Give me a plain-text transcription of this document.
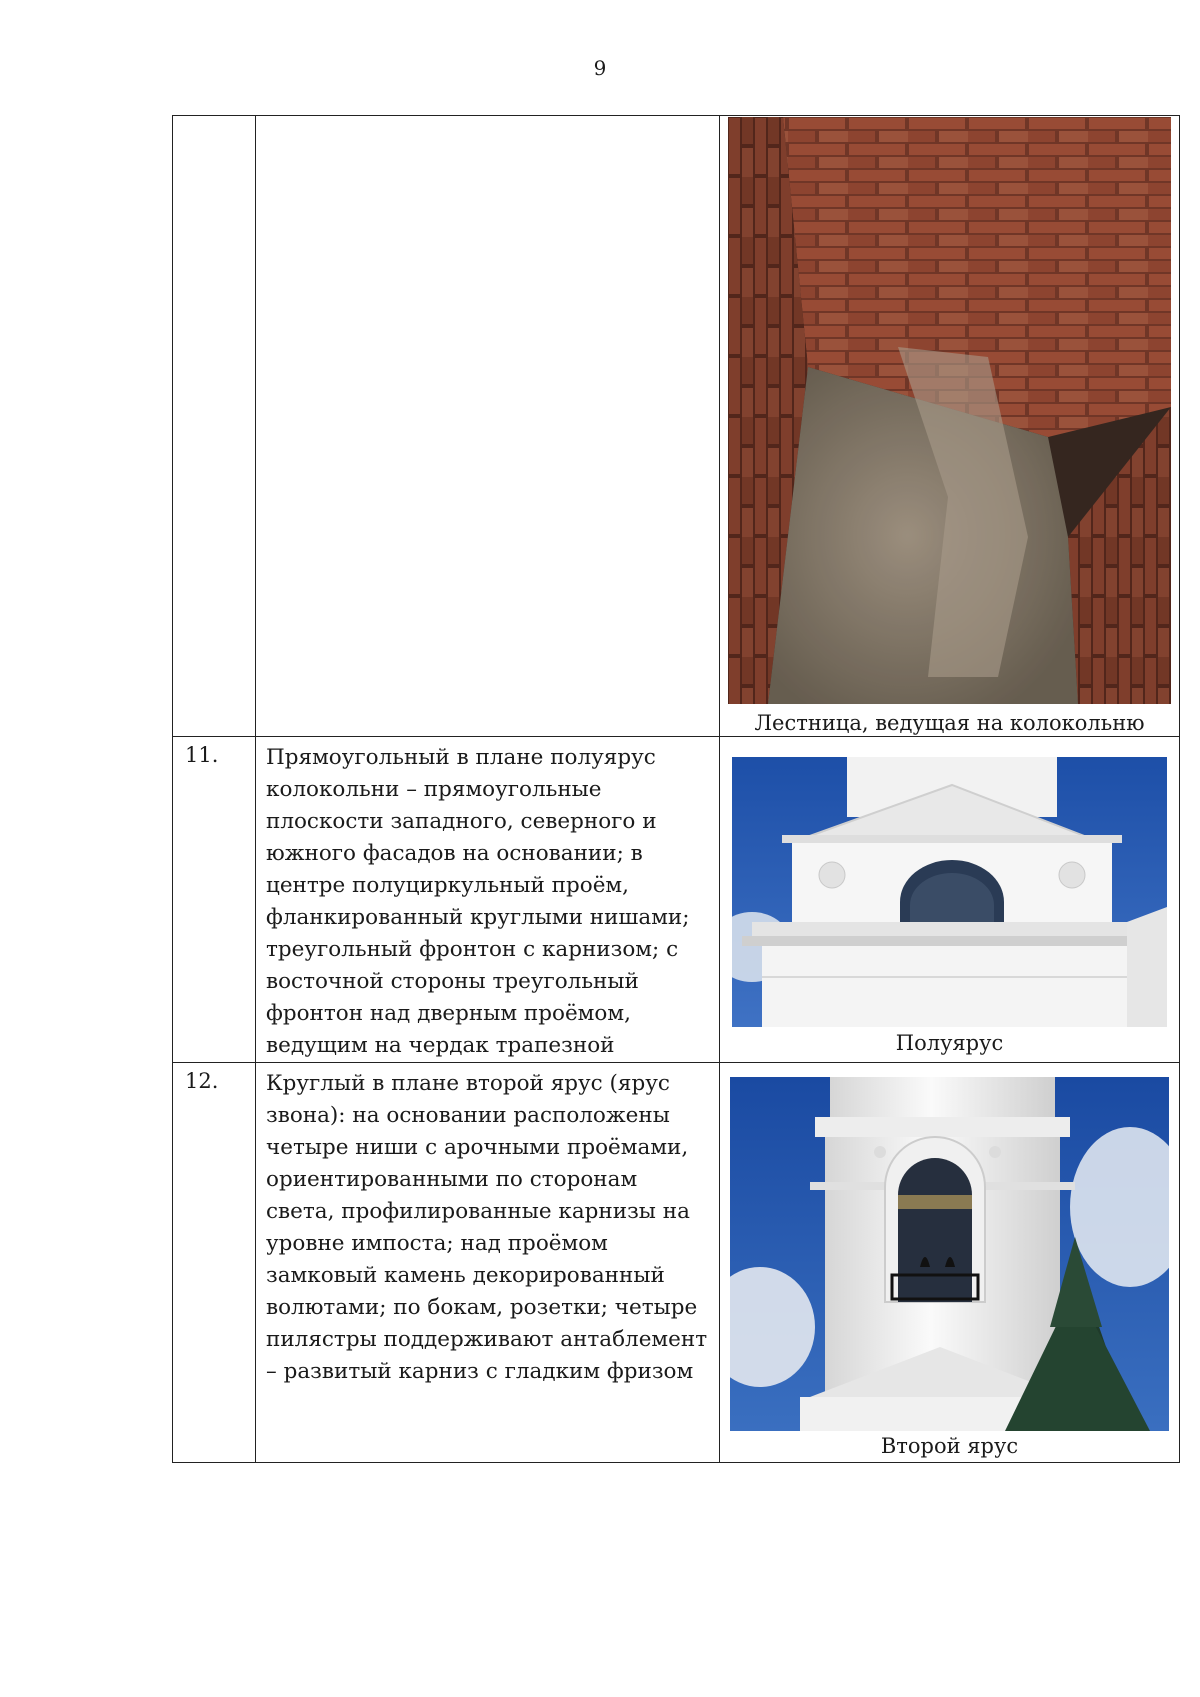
9

		Лестница, ведущая на колокольню

11.	Прямоугольный в плане полуярус колокольни – прямоугольные плоскости западного, северного и южного фасадов на основании; в центре полуциркульный проём, фланкированный круглыми нишами; треугольный фронтон с карнизом; с восточной стороны треугольный фронтон над дверным проёмом, ведущим на чердак трапезной	Полуярус

12.	Круглый в плане второй ярус (ярус звона): на основании расположены четыре ниши с арочными проёмами, ориентированными по сторонам света, профилированные карнизы на уровне импоста; над проёмом замковый камень декорированный волютами; по бокам, розетки; четыре пилястры поддерживают антаблемент – развитый карниз с гладким фризом	Второй ярус
